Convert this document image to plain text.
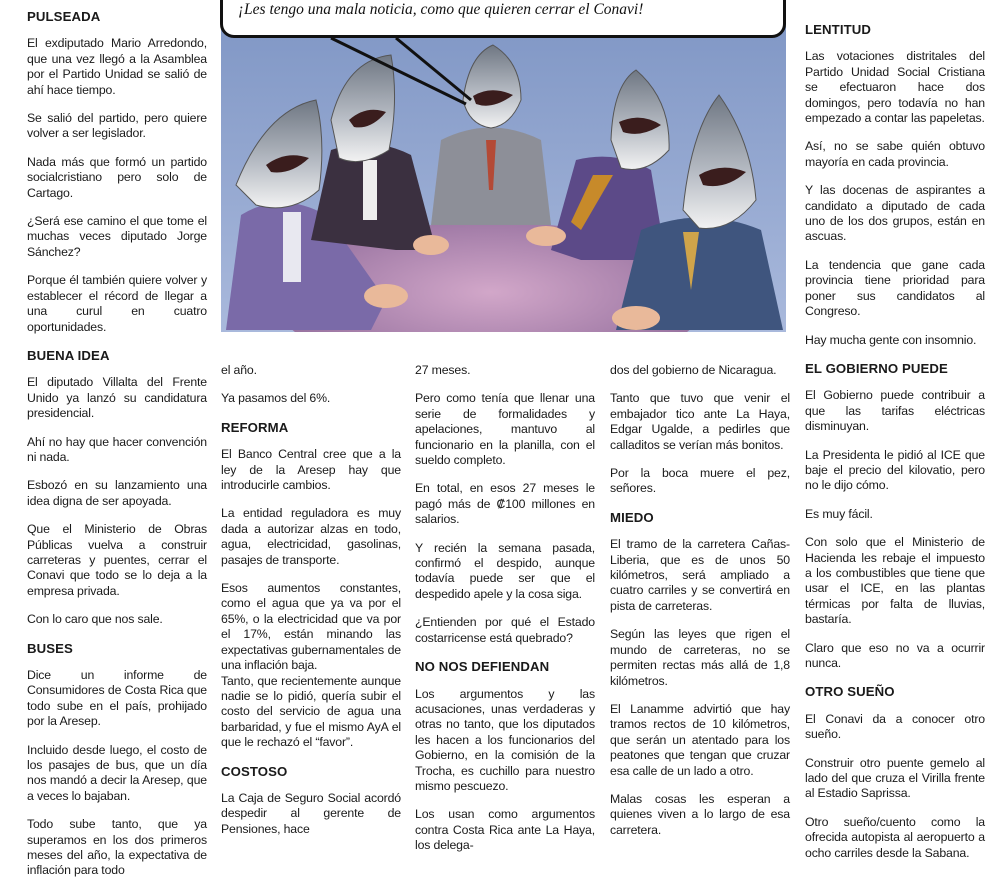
PULSEADA

El exdiputado Mario Arredondo, que una vez llegó a la Asamblea por el Partido Unidad se salió de ahí hace tiempo.

Se salió del partido, pero quiere volver a ser legislador.

Nada más que formó un partido socialcristiano pero solo de Cartago.

¿Será ese camino el que tome el muchas veces diputado Jorge Sánchez?

Porque él también quiere volver y establecer el récord de llegar a una curul en cuatro oportunidades.

BUENA IDEA

El diputado Villalta del Frente Unido ya lanzó su candidatura presidencial.

Ahí no hay que hacer convención ni nada.

Esbozó en su lanzamiento una idea digna de ser apoyada.

Que el Ministerio de Obras Públicas vuelva a construir carreteras y puentes, cerrar el Conavi que todo se lo deja a la empresa privada.

Con lo caro que nos sale.

BUSES

Dice un informe de Consumidores de Costa Rica que todo sube en el país, prohijado por la Aresep.

Incluido desde luego, el costo de los pasajes de bus, que un día nos mandó a decir la Aresep, que a veces lo bajaban.

Todo sube tanto, que ya superamos en los dos primeros meses del año, la expectativa de inflación para todo

¡Les tengo una mala noticia, como que quieren cerrar el Conavi!

el año.

Ya pasamos del 6%.

REFORMA

El Banco Central cree que a la ley de la Aresep hay que introducirle cambios.

La entidad reguladora es muy dada a autorizar alzas en todo, agua, electricidad, gasolinas, pasajes de transporte.

Esos aumentos constantes, como el agua que ya va por el 65%, o la electricidad que va por el 17%, están minando las expectativas gubernamentales de una inflación baja.

Tanto, que recientemente aunque nadie se lo pidió, quería subir el costo del servicio de agua una barbaridad, y fue el mismo AyA el que le rechazó el “favor”.

COSTOSO

La Caja de Seguro Social acordó despedir al gerente de Pensiones, hace

27 meses.

Pero como tenía que llenar una serie de formalidades y apelaciones, mantuvo al funcionario en la planilla, con el sueldo completo.

En total, en esos 27 meses le pagó más de ₡100 millones en salarios.

Y recién la semana pasada, confirmó el despido, aunque todavía puede ser que el despedido apele y la cosa siga.

¿Entienden por qué el Estado costarricense está quebrado?

NO NOS DEFIENDAN

Los argumentos y las acusaciones, unas verdaderas y otras no tanto, que los diputados les hacen a los funcionarios del Gobierno, en la comisión de la Trocha, es cuchillo para nuestro mismo pescuezo.

Los usan como argumentos contra Costa Rica ante La Haya, los delega-

dos del gobierno de Nicaragua.

Tanto que tuvo que venir el embajador tico ante La Haya, Edgar Ugalde, a pedirles que calladitos se verían más bonitos.

Por la boca muere el pez, señores.

MIEDO

El tramo de la carretera Cañas-Liberia, que es de unos 50 kilómetros, será ampliado a cuatro carriles y se convertirá en pista de carreteras.

Según las leyes que rigen el mundo de carreteras, no se permiten rectas más allá de 1,8 kilómetros.

El Lanamme advirtió que hay tramos rectos de 10 kilómetros, que serán un atentado para los peatones que tengan que cruzar esa calle de un lado a otro.

Malas cosas les esperan a quienes viven a lo largo de esa carretera.

LENTITUD

Las votaciones distritales del Partido Unidad Social Cristiana se efectuaron hace dos domingos, pero todavía no han empezado a contar las papeletas.

Así, no se sabe quién obtuvo mayoría en cada provincia.

Y las docenas de aspirantes a candidato a diputado de cada uno de los dos grupos, están en ascuas.

La tendencia que gane cada provincia tiene prioridad para poner sus candidatos al Congreso.

Hay mucha gente con insomnio.

EL GOBIERNO PUEDE

El Gobierno puede contribuir a que las tarifas eléctricas disminuyan.

La Presidenta le pidió al ICE que baje el precio del kilovatio, pero no le dijo cómo.

Es muy fácil.

Con solo que el Ministerio de Hacienda les rebaje el impuesto a los combustibles que tiene que usar el ICE, en las plantas térmicas por falta de lluvias, bastaría.

Claro que eso no va a ocurrir nunca.

OTRO SUEÑO

El Conavi da a conocer otro sueño.

Construir otro puente gemelo al lado del que cruza el Virilla frente al Estadio Saprissa.

Otro sueño/cuento como la ofrecida autopista al aeropuerto a ocho carriles desde la Sabana.
